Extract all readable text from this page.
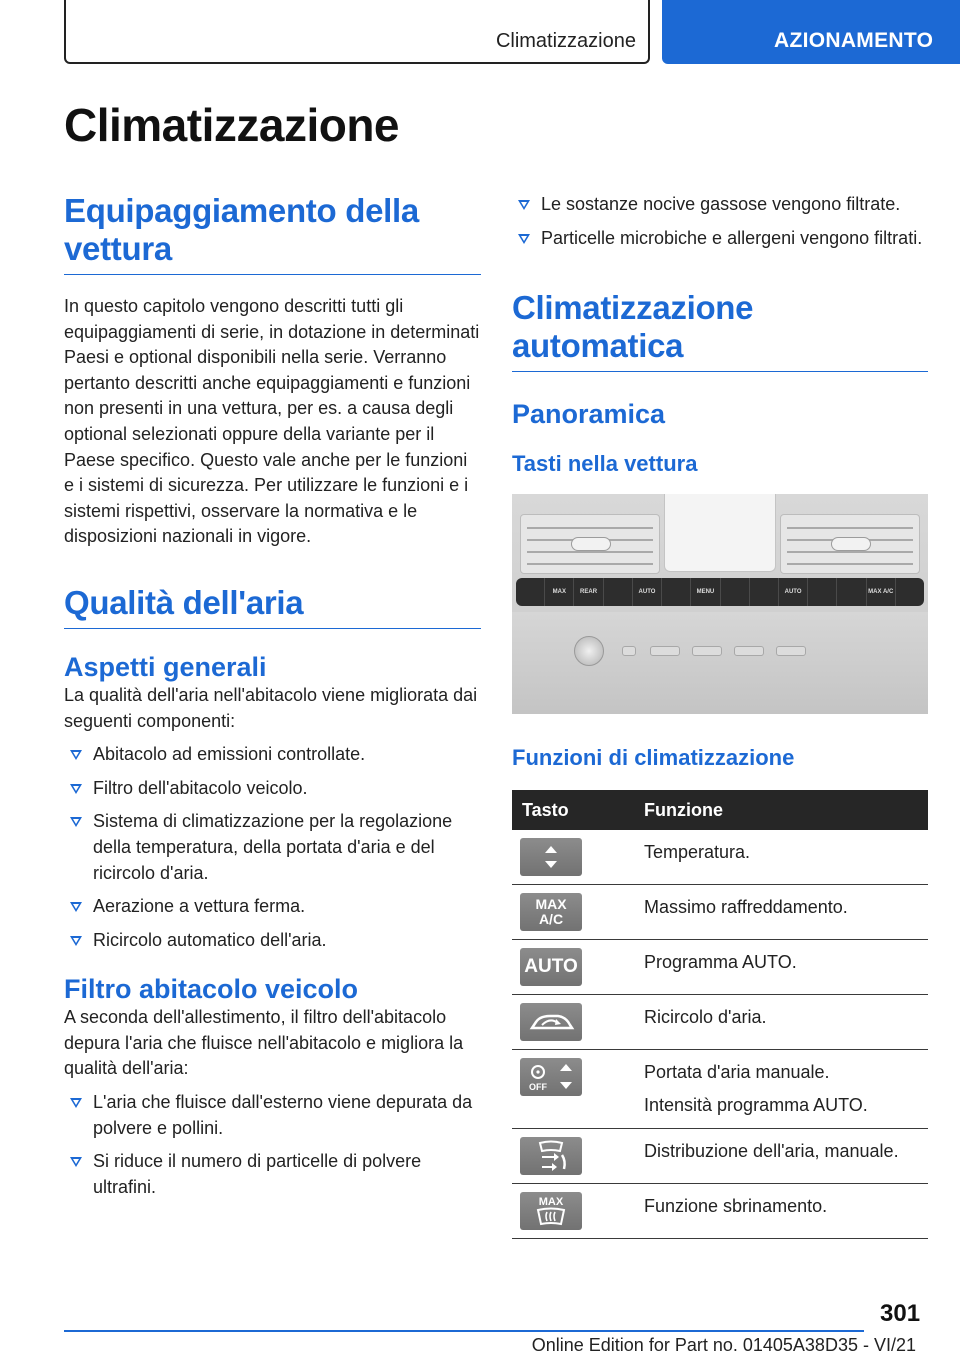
Climatizzazione	AZIONAMENTO
Climatizzazione
Equipaggiamento della vettura

In questo capitolo vengono descritti tutti gli equipaggiamenti di serie, in dotazione in determinati Paesi e optional disponibili nella serie. Verranno pertanto descritti anche equipaggiamenti e funzioni non presenti in una vettura, per es. a causa degli optional selezionati oppure della variante per il Paese specifico. Questo vale anche per le funzioni e i sistemi di sicurezza. Per utilizzare le funzioni e i sistemi rispettivi, osservare la normativa e le disposizioni nazionali in vigore.

Qualità dell'aria
Aspetti generali

La qualità dell'aria nell'abitacolo viene migliorata dai seguenti componenti:

Abitacolo ad emissioni controllate.
Filtro dell'abitacolo veicolo.
Sistema di climatizzazione per la regolazione della temperatura, della portata d'aria e del ricircolo d'aria.
Aerazione a vettura ferma.
Ricircolo automatico dell'aria.
Filtro abitacolo veicolo

A seconda dell'allestimento, il filtro dell'abitacolo depura l'aria che fluisce nell'abitacolo e migliora la qualità dell'aria:

L'aria che fluisce dall'esterno viene depurata da polvere e pollini.
Si riduce il numero di particelle di polvere ultrafini.
Le sostanze nocive gassose vengono filtrate.
Particelle microbiche e allergeni vengono filtrati.
Climatizzazione automatica
Panoramica
Tasti nella vettura
MAX	REAR	AUTO	MENU	AUTO	MAX A/C
Funzioni di climatizzazione
Tasto	Funzione

Temperatura.

MAX
A/C	Massimo raffreddamento.

AUTO	Programma AUTO.

Ricircolo d'aria.

OFF	Portata d'aria manuale.

Intensità programma AUTO.

Distribuzione dell'aria, manuale.

MAX	Funzione sbrinamento.

301
Online Edition for Part no. 01405A38D35 - VI/21
